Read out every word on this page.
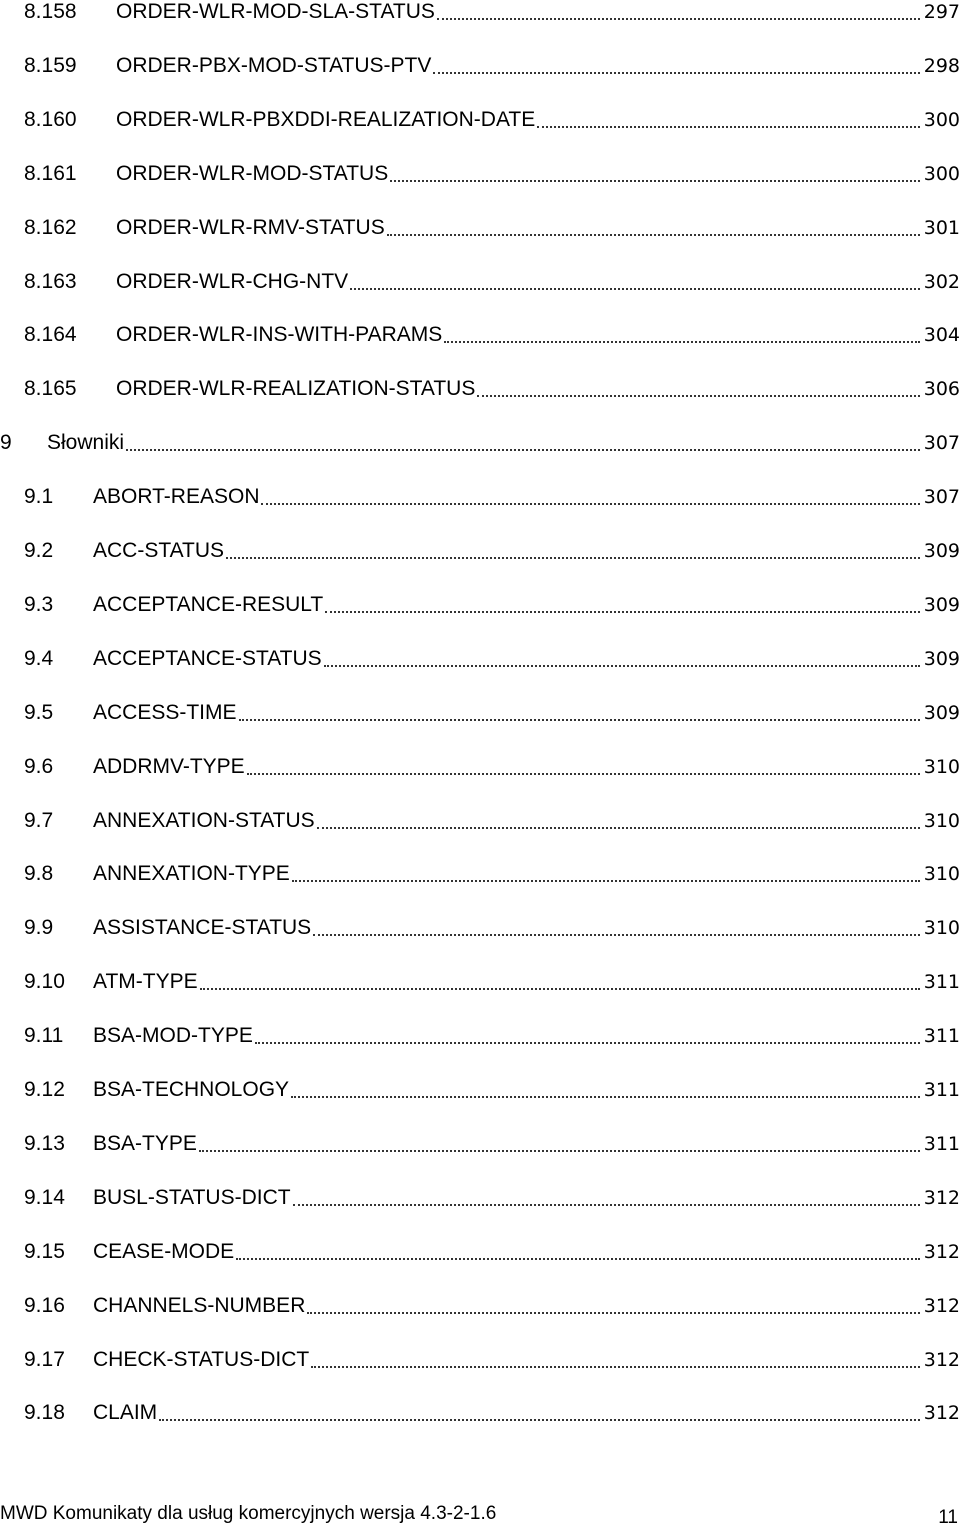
8.158	ORDER-WLR-MOD-SLA-STATUS	297
8.159	ORDER-PBX-MOD-STATUS-PTV	298
8.160	ORDER-WLR-PBXDDI-REALIZATION-DATE	300
8.161	ORDER-WLR-MOD-STATUS	300
8.162	ORDER-WLR-RMV-STATUS	301
8.163	ORDER-WLR-CHG-NTV	302
8.164	ORDER-WLR-INS-WITH-PARAMS	304
8.165	ORDER-WLR-REALIZATION-STATUS	306
9	Słowniki	307
9.1	ABORT-REASON	307
9.2	ACC-STATUS	309
9.3	ACCEPTANCE-RESULT	309
9.4	ACCEPTANCE-STATUS	309
9.5	ACCESS-TIME	309
9.6	ADDRMV-TYPE	310
9.7	ANNEXATION-STATUS	310
9.8	ANNEXATION-TYPE	310
9.9	ASSISTANCE-STATUS	310
9.10	ATM-TYPE	311
9.11	BSA-MOD-TYPE	311
9.12	BSA-TECHNOLOGY	311
9.13	BSA-TYPE	311
9.14	BUSL-STATUS-DICT	312
9.15	CEASE-MODE	312
9.16	CHANNELS-NUMBER	312
9.17	CHECK-STATUS-DICT	312
9.18	CLAIM	312
MWD Komunikaty dla usług komercyjnych wersja 4.3-2-1.6	11
